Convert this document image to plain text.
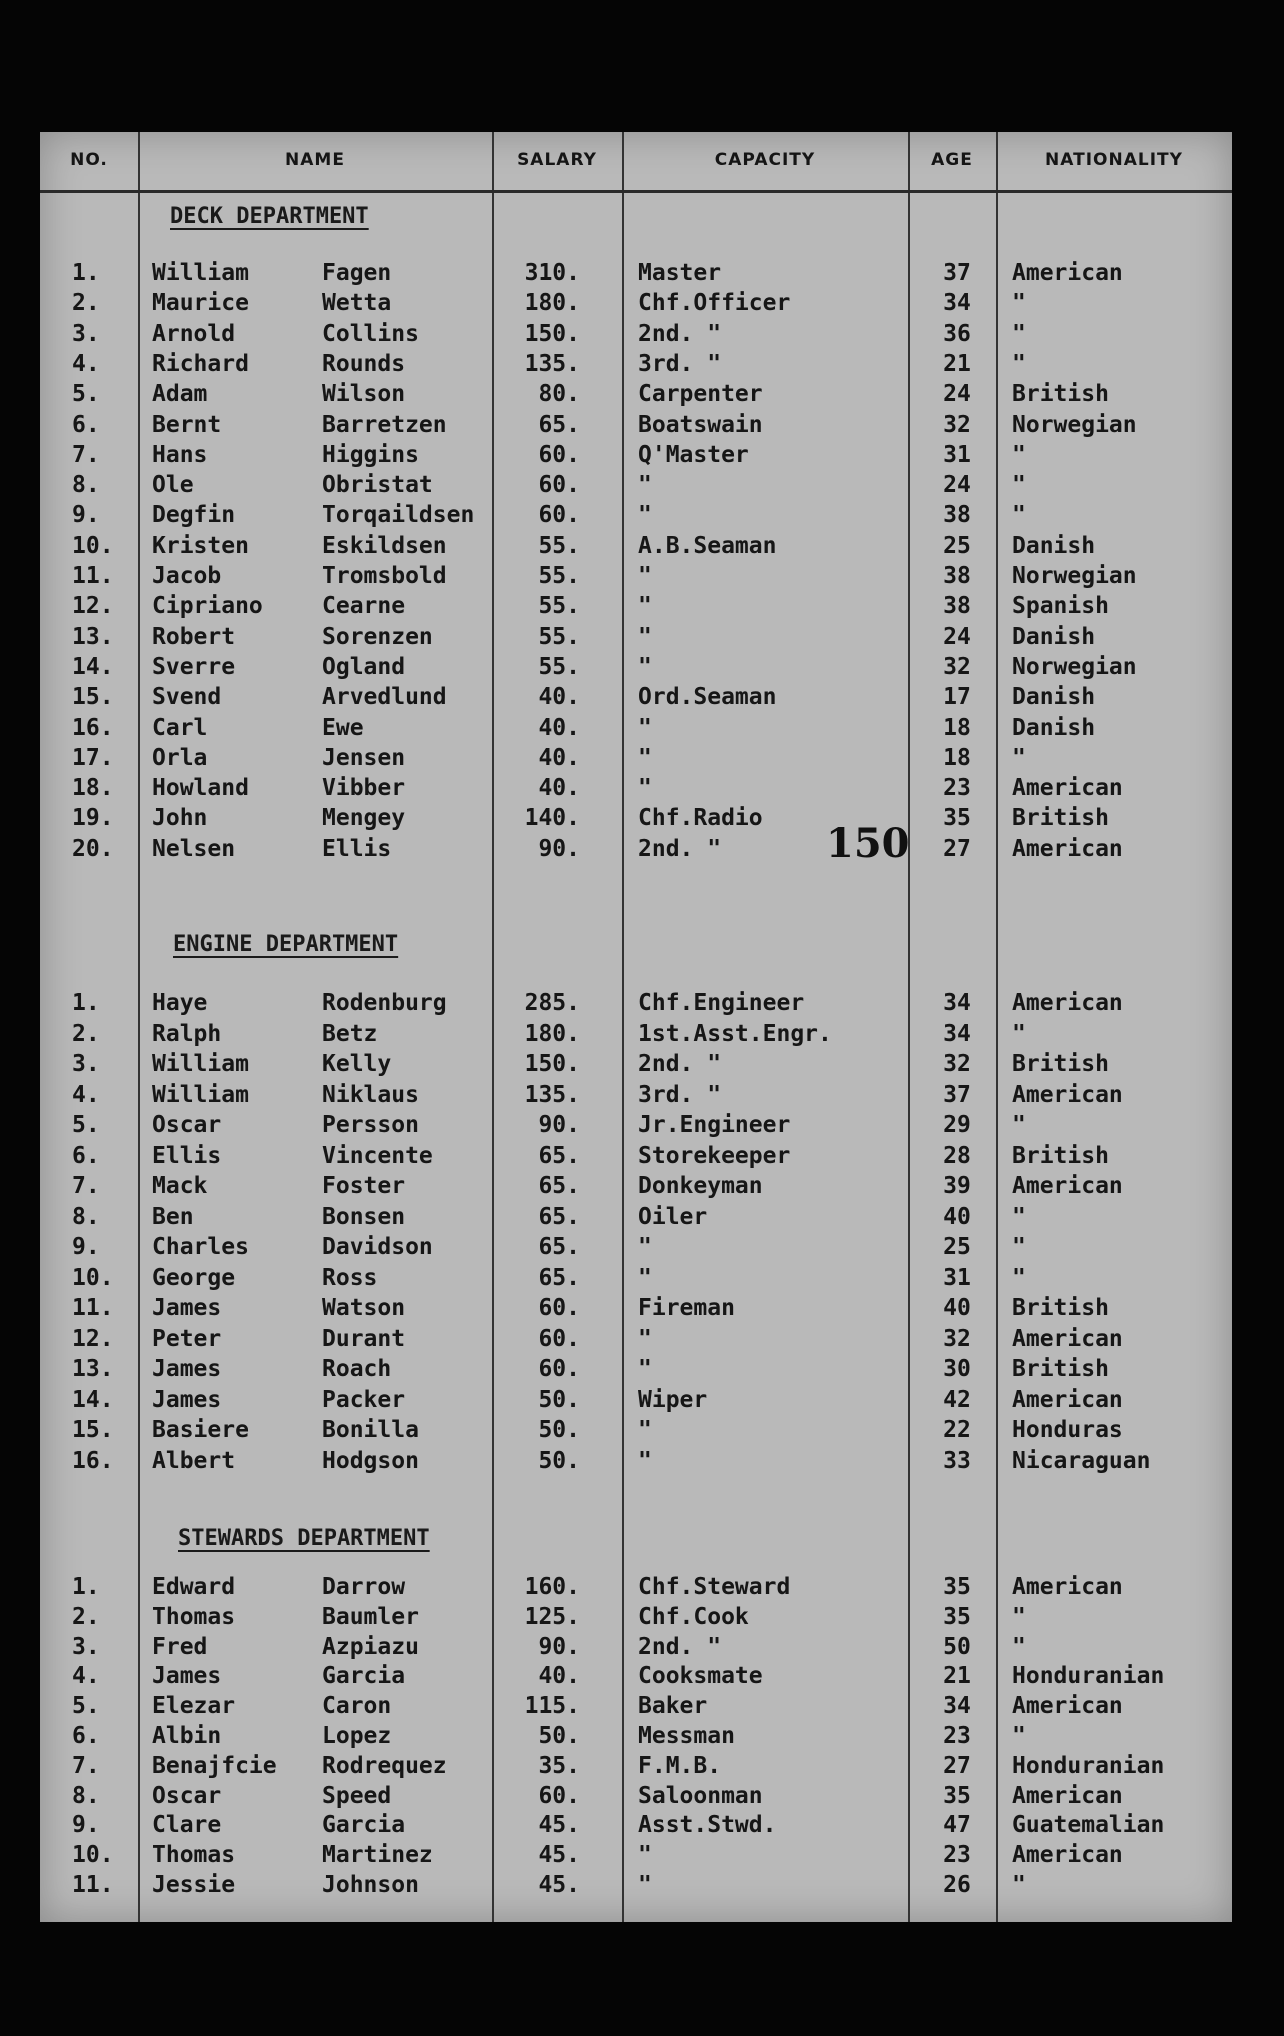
NO.	NAME	SALARY	CAPACITY	AGE	NATIONALITY
1.	William	Fagen	310.	Master	37	American
2.	Maurice	Wetta	180.	Chf.Officer	34	"
3.	Arnold	Collins	150.	2nd. "	36	"
4.	Richard	Rounds	135.	3rd. "	21	"
5.	Adam	Wilson	80.	Carpenter	24	British
6.	Bernt	Barretzen	65.	Boatswain	32	Norwegian
7.	Hans	Higgins	60.	Q'Master	31	"
8.	Ole	Obristat	60.	"	24	"
9.	Degfin	Torqaildsen	60.	"	38	"
10.	Kristen	Eskildsen	55.	A.B.Seaman	25	Danish
11.	Jacob	Tromsbold	55.	"	38	Norwegian
12.	Cipriano	Cearne	55.	"	38	Spanish
13.	Robert	Sorenzen	55.	"	24	Danish
14.	Sverre	Ogland	55.	"	32	Norwegian
15.	Svend	Arvedlund	40.	Ord.Seaman	17	Danish
16.	Carl	Ewe	40.	"	18	Danish
17.	Orla	Jensen	40.	"	18	"
18.	Howland	Vibber	40.	"	23	American
19.	John	Mengey	140.	Chf.Radio	35	British
20.	Nelsen	Ellis	90.	2nd. "	27	American
1.	Haye	Rodenburg	285.	Chf.Engineer	34	American
2.	Ralph	Betz	180.	1st.Asst.Engr.	34	"
3.	William	Kelly	150.	2nd. "	32	British
4.	William	Niklaus	135.	3rd. "	37	American
5.	Oscar	Persson	90.	Jr.Engineer	29	"
6.	Ellis	Vincente	65.	Storekeeper	28	British
7.	Mack	Foster	65.	Donkeyman	39	American
8.	Ben	Bonsen	65.	Oiler	40	"
9.	Charles	Davidson	65.	"	25	"
10.	George	Ross	65.	"	31	"
11.	James	Watson	60.	Fireman	40	British
12.	Peter	Durant	60.	"	32	American
13.	James	Roach	60.	"	30	British
14.	James	Packer	50.	Wiper	42	American
15.	Basiere	Bonilla	50.	"	22	Honduras
16.	Albert	Hodgson	50.	"	33	Nicaraguan
1.	Edward	Darrow	160.	Chf.Steward	35	American
2.	Thomas	Baumler	125.	Chf.Cook	35	"
3.	Fred	Azpiazu	90.	2nd. "	50	"
4.	James	Garcia	40.	Cooksmate	21	Honduranian
5.	Elezar	Caron	115.	Baker	34	American
6.	Albin	Lopez	50.	Messman	23	"
7.	Benajfcie Rodrequez	35.	F.M.B.	27	Honduranian
8.	Oscar	Speed	60.	Saloonman	35	American
9.	Clare	Garcia	45.	Asst.Stwd.	47	Guatemalian
10.	Thomas	Martinez	45.	"	23	American
11.	Jessie	Johnson	45.	"	26	"
150
DECK DEPARTMENT
ENGINE DEPARTMENT
STEWARDS DEPARTMENT
